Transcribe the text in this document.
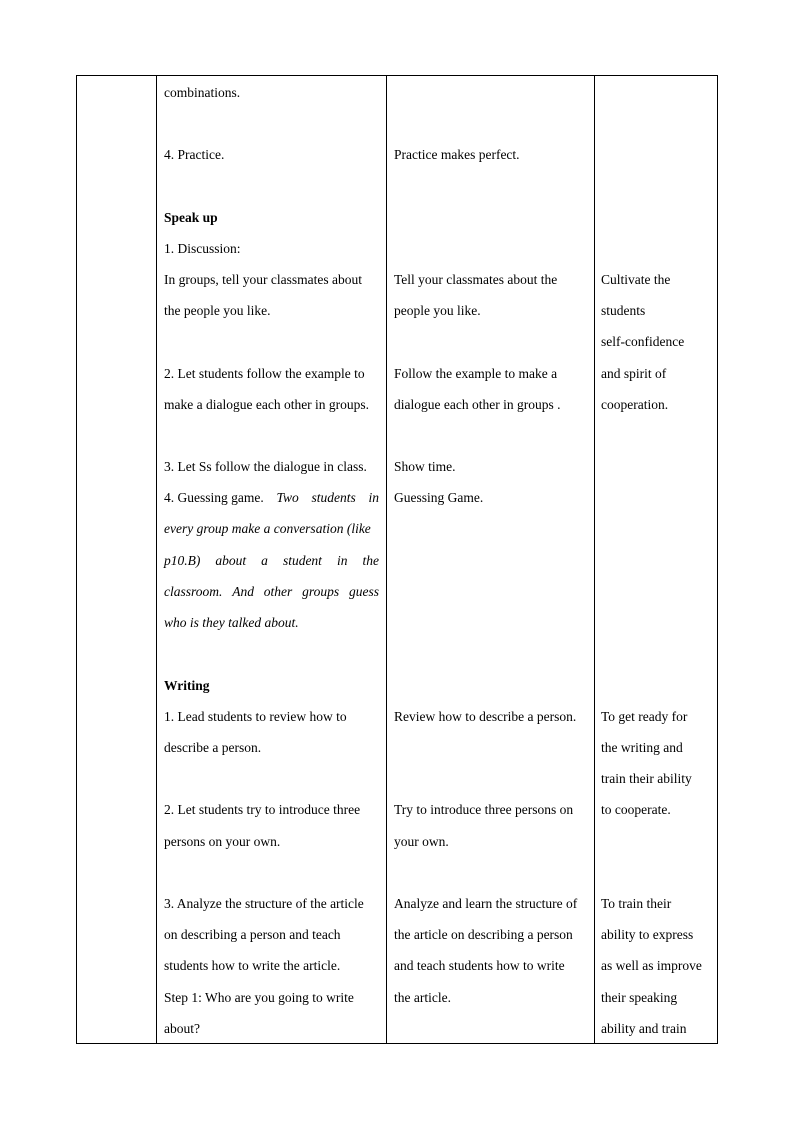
combinations.
4. Practice.
Speak up
1. Discussion:
In groups, tell your classmates about
the people you like.
2. Let students follow the example to
make a dialogue each other in groups.
3. Let Ss follow the dialogue in class.
4. Guessing game. Two students in
every group make a conversation (like
p10.B) about a student in the
classroom. And other groups guess
who is they talked about.
Writing
1. Lead students to review how to
describe a person.
2. Let students try to introduce three
persons on your own.
3. Analyze the structure of the article
on describing a person and teach
students how to write the article.
Step 1: Who are you going to write
about?
Practice makes perfect.
Tell your classmates about the
people you like.
Follow the example to make a
dialogue each other in groups .
Show time.
Guessing Game.
Review how to describe a person.
Try to introduce three persons on
your own.
Analyze and learn the structure of
the article on describing a person
and teach students how to write
the article.
Cultivate the
students
self-confidence
and spirit of
cooperation.
To get ready for
the writing and
train their ability
to cooperate.
To train their
ability to express
as well as improve
their speaking
ability and train
